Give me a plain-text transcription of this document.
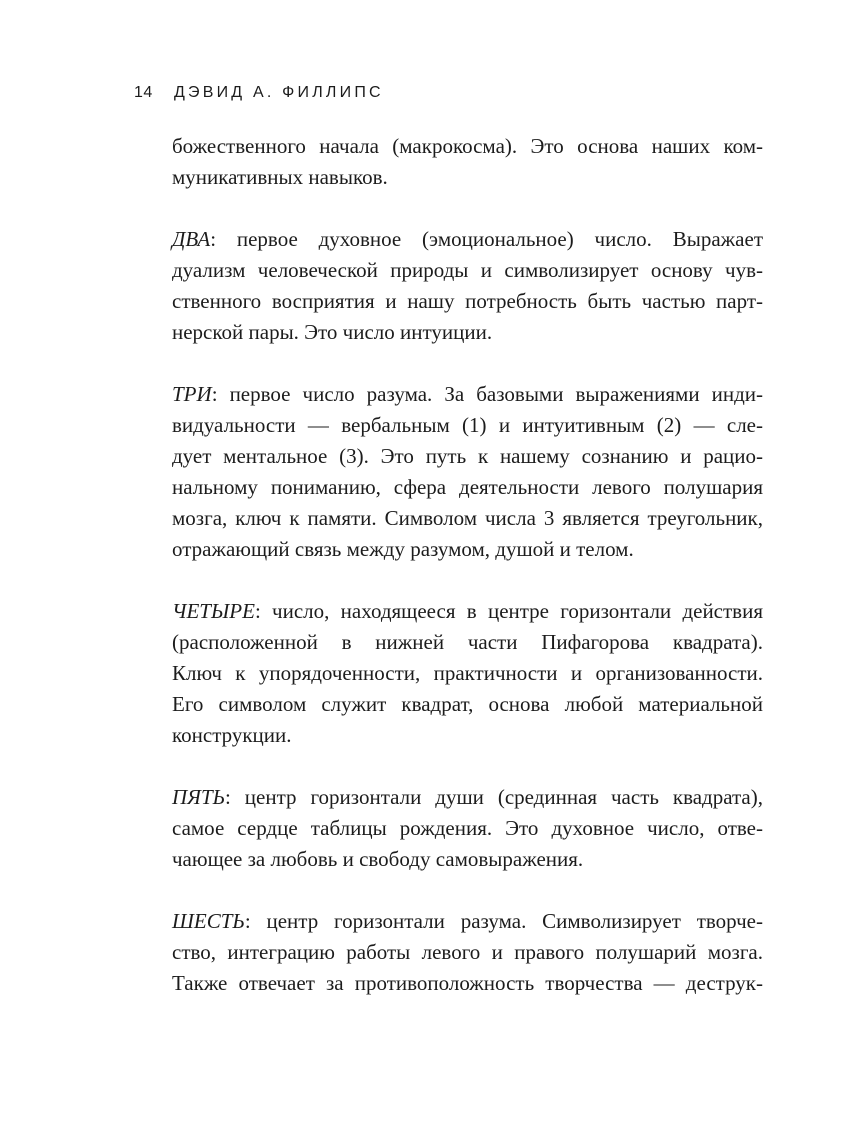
14 ДЭВИД А. ФИЛЛИПС
божественного начала (макрокосма). Это основа наших ком-
муникативных навыков.
ДВА: первое духовное (эмоциональное) число. Выражает
дуализм человеческой природы и символизирует основу чув-
ственного восприятия и нашу потребность быть частью парт-
нерской пары. Это число интуиции.
ТРИ: первое число разума. За базовыми выражениями инди-
видуальности — вербальным (1) и интуитивным (2) — сле-
дует ментальное (3). Это путь к нашему сознанию и рацио-
нальному пониманию, сфера деятельности левого полушария
мозга, ключ к памяти. Символом числа 3 является треугольник,
отражающий связь между разумом, душой и телом.
ЧЕТЫРЕ: число, находящееся в центре горизонтали действия
(расположенной в нижней части Пифагорова квадрата).
Ключ к упорядоченности, практичности и организованности.
Его символом служит квадрат, основа любой материальной
конструкции.
ПЯТЬ: центр горизонтали души (срединная часть квадрата),
самое сердце таблицы рождения. Это духовное число, отве-
чающее за любовь и свободу самовыражения.
ШЕСТЬ: центр горизонтали разума. Символизирует творче-
ство, интеграцию работы левого и правого полушарий мозга.
Также отвечает за противоположность творчества — деструк-
